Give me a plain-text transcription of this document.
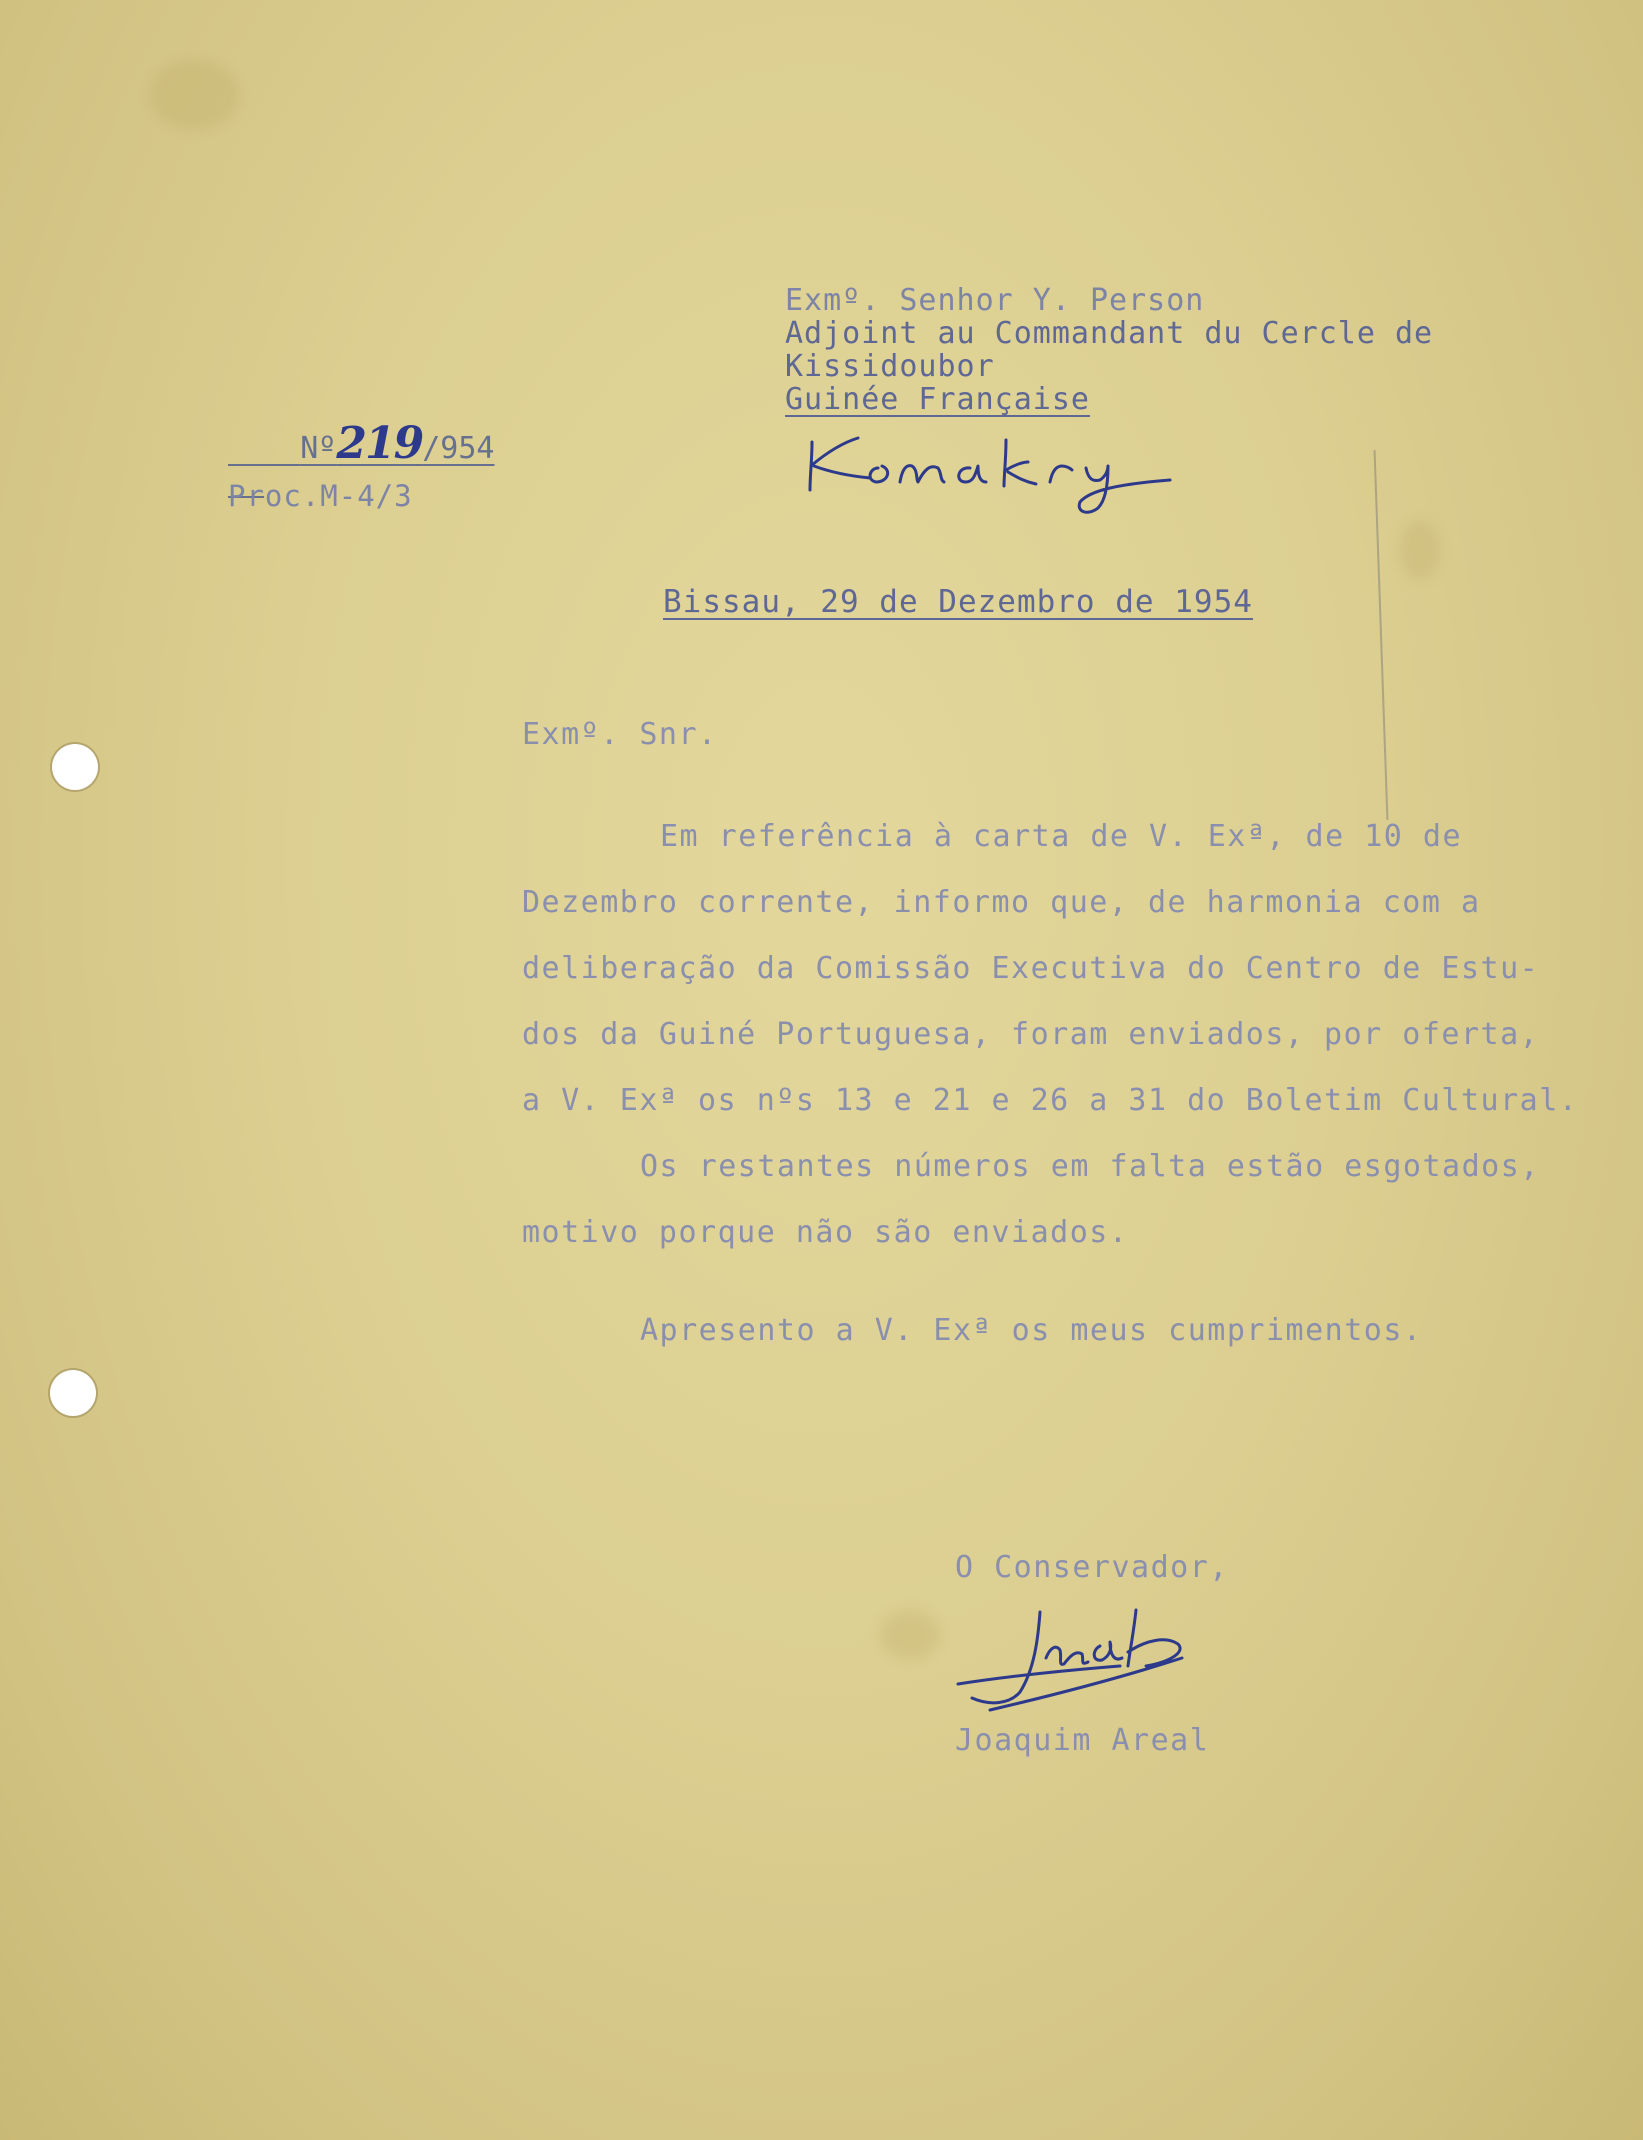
Exmº. Senhor Y. Person
Adjoint au Commandant du Cercle de
Kissidoubor
Guinée Française

Nº219/954

Proc.M-4/3
Bissau, 29 de Dezembro de 1954
Exmº. Snr.
Em referência à carta de V. Exª, de 10 de
Dezembro corrente, informo que, de harmonia com a
deliberação da Comissão Executiva do Centro de Estu-
dos da Guiné Portuguesa, foram enviados, por oferta,
a V. Exª os nºs 13 e 21 e 26 a 31 do Boletim Cultural.
Os restantes números em falta estão esgotados,
motivo porque não são enviados.
Apresento a V. Exª os meus cumprimentos.
O Conservador,
Joaquim Areal
